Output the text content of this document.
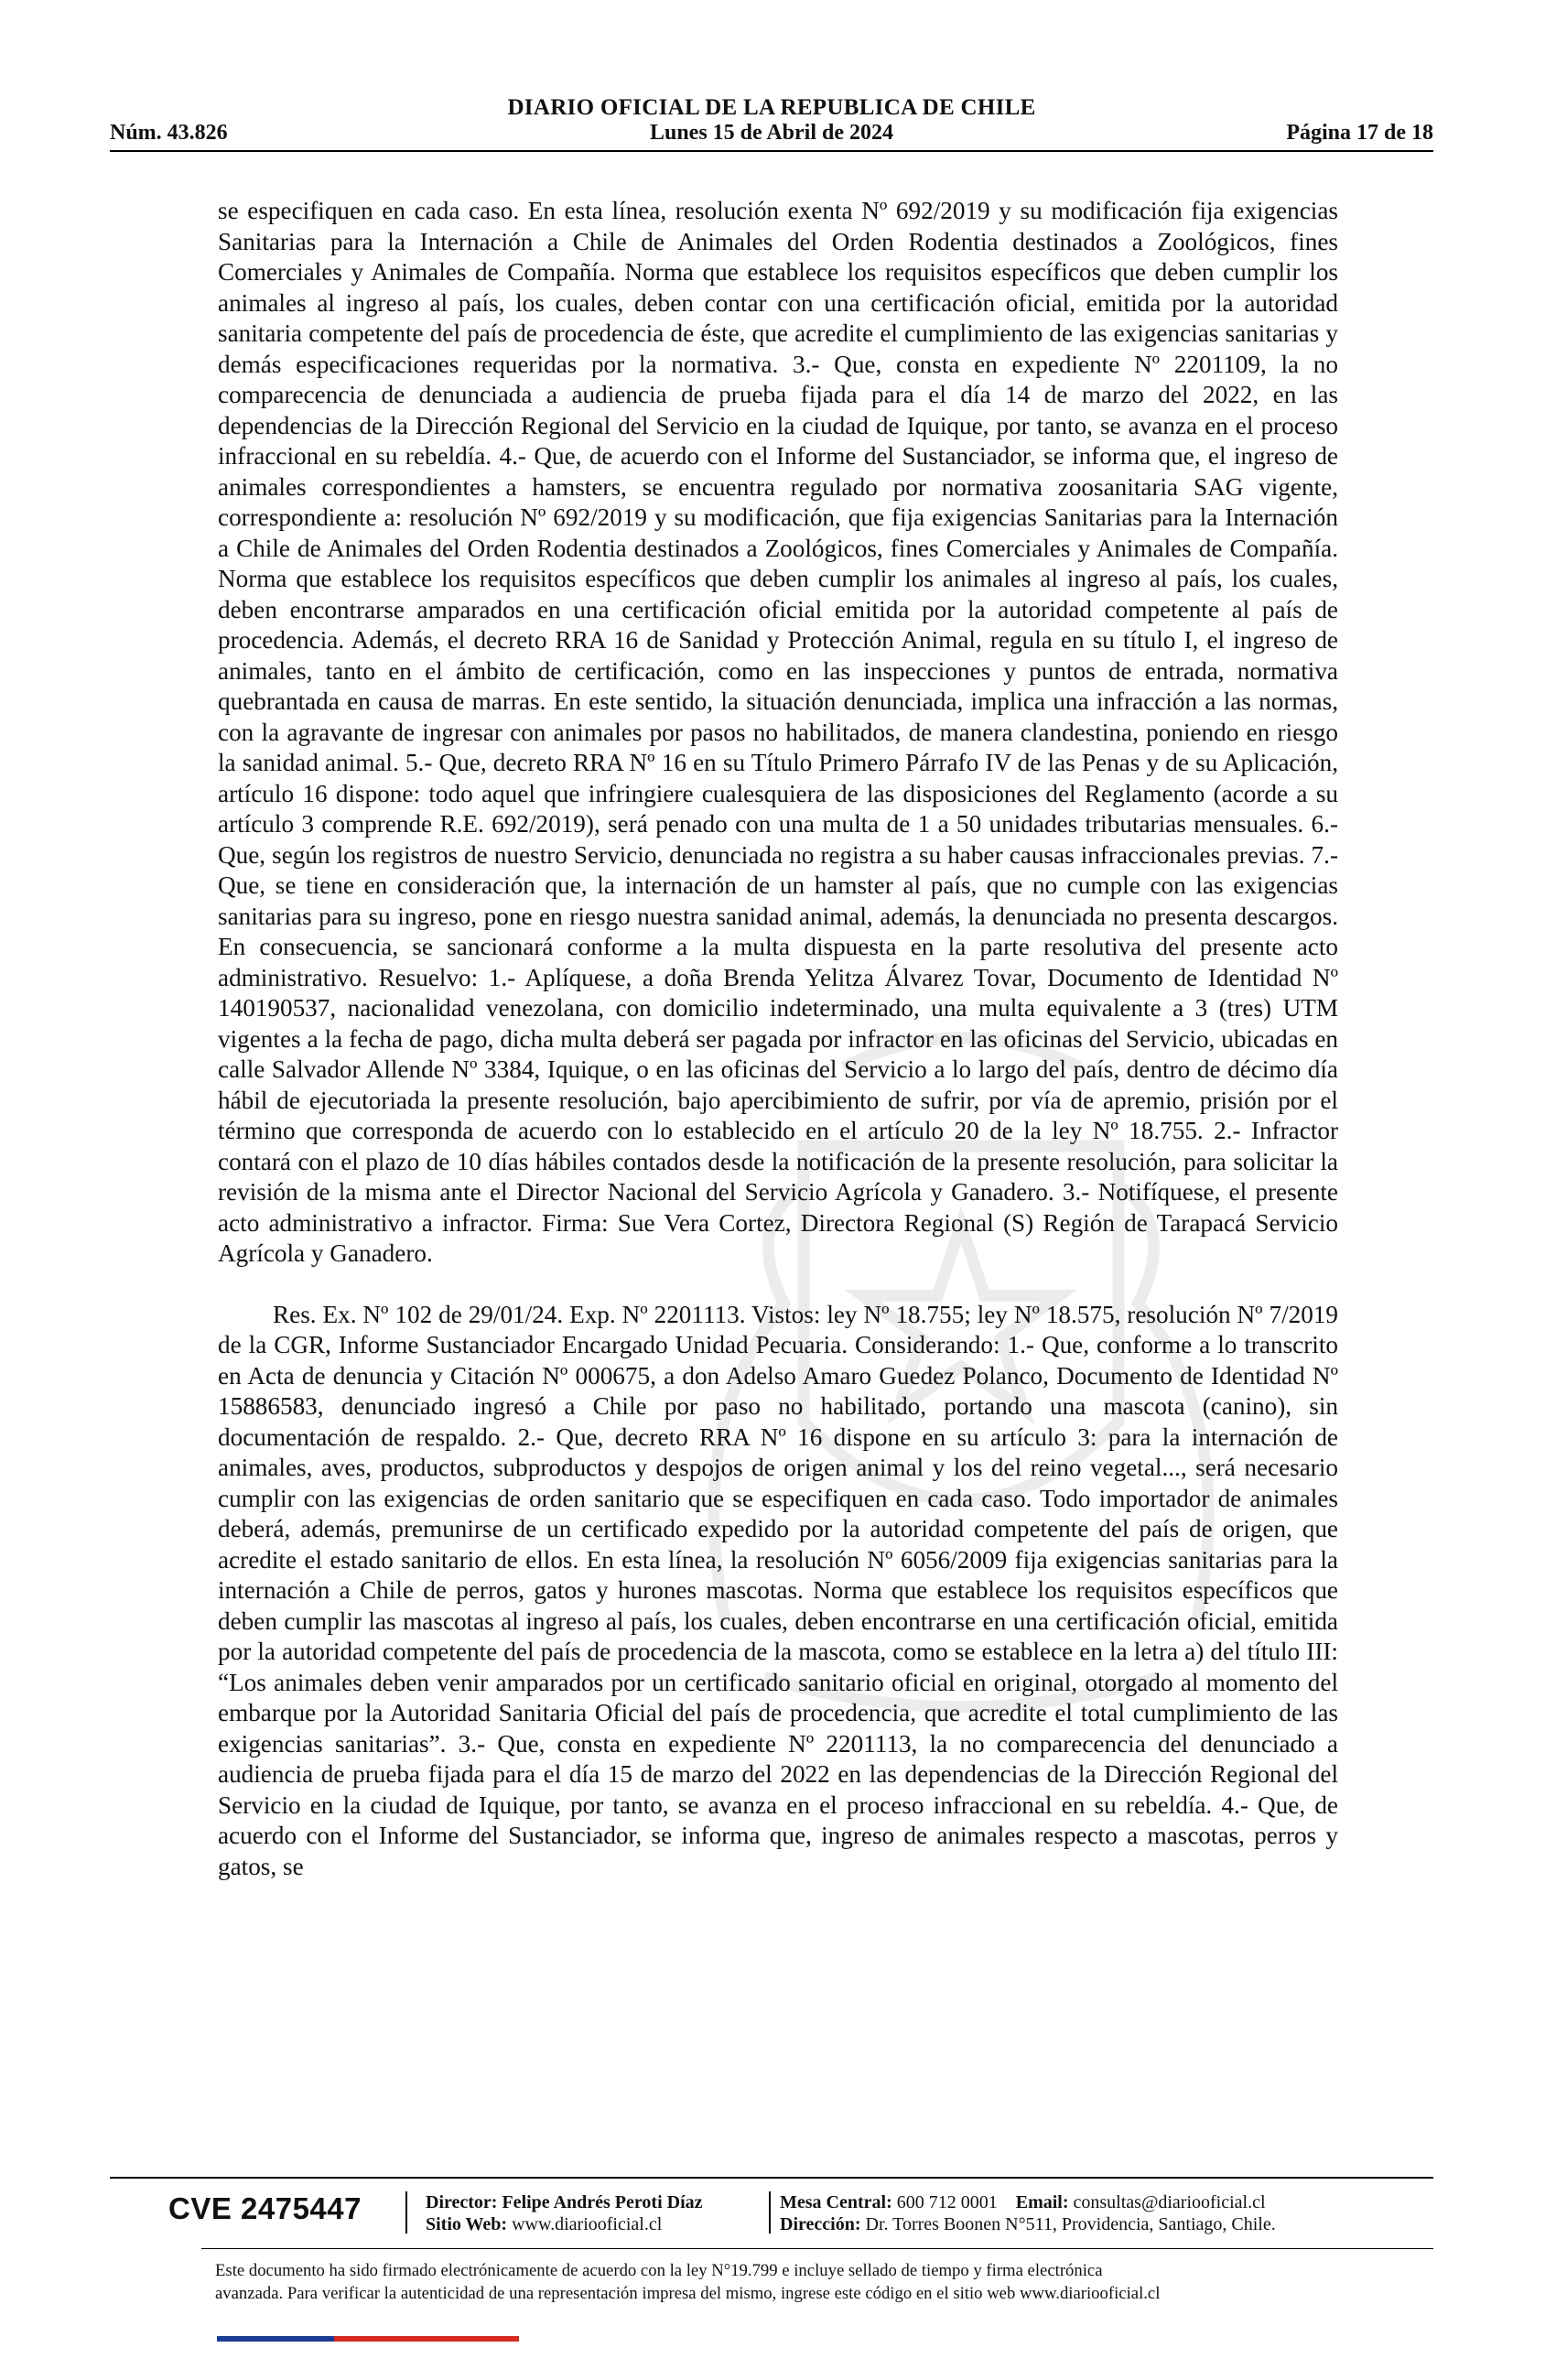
DIARIO OFICIAL DE LA REPUBLICA DE CHILE
Núm. 43.826	Lunes 15 de Abril de 2024	Página 17 de 18

se especifiquen en cada caso. En esta línea, resolución exenta Nº 692/2019 y su modificación fija exigencias Sanitarias para la Internación a Chile de Animales del Orden Rodentia destinados a Zoológicos, fines Comerciales y Animales de Compañía. Norma que establece los requisitos específicos que deben cumplir los animales al ingreso al país, los cuales, deben contar con una certificación oficial, emitida por la autoridad sanitaria competente del país de procedencia de éste, que acredite el cumplimiento de las exigencias sanitarias y demás especificaciones requeridas por la normativa. 3.- Que, consta en expediente Nº 2201109, la no comparecencia de denunciada a audiencia de prueba fijada para el día 14 de marzo del 2022, en las dependencias de la Dirección Regional del Servicio en la ciudad de Iquique, por tanto, se avanza en el proceso infraccional en su rebeldía. 4.- Que, de acuerdo con el Informe del Sustanciador, se informa que, el ingreso de animales correspondientes a hamsters, se encuentra regulado por normativa zoosanitaria SAG vigente, correspondiente a: resolución Nº 692/2019 y su modificación, que fija exigencias Sanitarias para la Internación a Chile de Animales del Orden Rodentia destinados a Zoológicos, fines Comerciales y Animales de Compañía. Norma que establece los requisitos específicos que deben cumplir los animales al ingreso al país, los cuales, deben encontrarse amparados en una certificación oficial emitida por la autoridad competente al país de procedencia. Además, el decreto RRA 16 de Sanidad y Protección Animal, regula en su título I, el ingreso de animales, tanto en el ámbito de certificación, como en las inspecciones y puntos de entrada, normativa quebrantada en causa de marras. En este sentido, la situación denunciada, implica una infracción a las normas, con la agravante de ingresar con animales por pasos no habilitados, de manera clandestina, poniendo en riesgo la sanidad animal. 5.- Que, decreto RRA Nº 16 en su Título Primero Párrafo IV de las Penas y de su Aplicación, artículo 16 dispone: todo aquel que infringiere cualesquiera de las disposiciones del Reglamento (acorde a su artículo 3 comprende R.E. 692/2019), será penado con una multa de 1 a 50 unidades tributarias mensuales. 6.- Que, según los registros de nuestro Servicio, denunciada no registra a su haber causas infraccionales previas. 7.- Que, se tiene en consideración que, la internación de un hamster al país, que no cumple con las exigencias sanitarias para su ingreso, pone en riesgo nuestra sanidad animal, además, la denunciada no presenta descargos. En consecuencia, se sancionará conforme a la multa dispuesta en la parte resolutiva del presente acto administrativo. Resuelvo: 1.- Aplíquese, a doña Brenda Yelitza Álvarez Tovar, Documento de Identidad Nº 140190537, nacionalidad venezolana, con domicilio indeterminado, una multa equivalente a 3 (tres) UTM vigentes a la fecha de pago, dicha multa deberá ser pagada por infractor en las oficinas del Servicio, ubicadas en calle Salvador Allende Nº 3384, Iquique, o en las oficinas del Servicio a lo largo del país, dentro de décimo día hábil de ejecutoriada la presente resolución, bajo apercibimiento de sufrir, por vía de apremio, prisión por el término que corresponda de acuerdo con lo establecido en el artículo 20 de la ley Nº 18.755. 2.- Infractor contará con el plazo de 10 días hábiles contados desde la notificación de la presente resolución, para solicitar la revisión de la misma ante el Director Nacional del Servicio Agrícola y Ganadero. 3.- Notifíquese, el presente acto administrativo a infractor. Firma: Sue Vera Cortez, Directora Regional (S) Región de Tarapacá Servicio Agrícola y Ganadero.

Res. Ex. Nº 102 de 29/01/24. Exp. Nº 2201113. Vistos: ley Nº 18.755; ley Nº 18.575, resolución Nº 7/2019 de la CGR, Informe Sustanciador Encargado Unidad Pecuaria. Considerando: 1.- Que, conforme a lo transcrito en Acta de denuncia y Citación Nº 000675, a don Adelso Amaro Guedez Polanco, Documento de Identidad Nº 15886583, denunciado ingresó a Chile por paso no habilitado, portando una mascota (canino), sin documentación de respaldo. 2.- Que, decreto RRA Nº 16 dispone en su artículo 3: para la internación de animales, aves, productos, subproductos y despojos de origen animal y los del reino vegetal..., será necesario cumplir con las exigencias de orden sanitario que se especifiquen en cada caso. Todo importador de animales deberá, además, premunirse de un certificado expedido por la autoridad competente del país de origen, que acredite el estado sanitario de ellos. En esta línea, la resolución Nº 6056/2009 fija exigencias sanitarias para la internación a Chile de perros, gatos y hurones mascotas. Norma que establece los requisitos específicos que deben cumplir las mascotas al ingreso al país, los cuales, deben encontrarse en una certificación oficial, emitida por la autoridad competente del país de procedencia de la mascota, como se establece en la letra a) del título III: “Los animales deben venir amparados por un certificado sanitario oficial en original, otorgado al momento del embarque por la Autoridad Sanitaria Oficial del país de procedencia, que acredite el total cumplimiento de las exigencias sanitarias”. 3.- Que, consta en expediente Nº 2201113, la no comparecencia del denunciado a audiencia de prueba fijada para el día 15 de marzo del 2022 en las dependencias de la Dirección Regional del Servicio en la ciudad de Iquique, por tanto, se avanza en el proceso infraccional en su rebeldía. 4.- Que, de acuerdo con el Informe del Sustanciador, se informa que, ingreso de animales respecto a mascotas, perros y gatos, se

CVE 2475447	Director: Felipe Andrés Peroti Díaz
Sitio Web: www.diariooficial.cl
Mesa Central: 600 712 0001 Email: consultas@diariooficial.cl
Dirección: Dr. Torres Boonen N°511, Providencia, Santiago, Chile.
Este documento ha sido firmado electrónicamente de acuerdo con la ley N°19.799 e incluye sellado de tiempo y firma electrónica
avanzada. Para verificar la autenticidad de una representación impresa del mismo, ingrese este código en el sitio web www.diariooficial.cl
